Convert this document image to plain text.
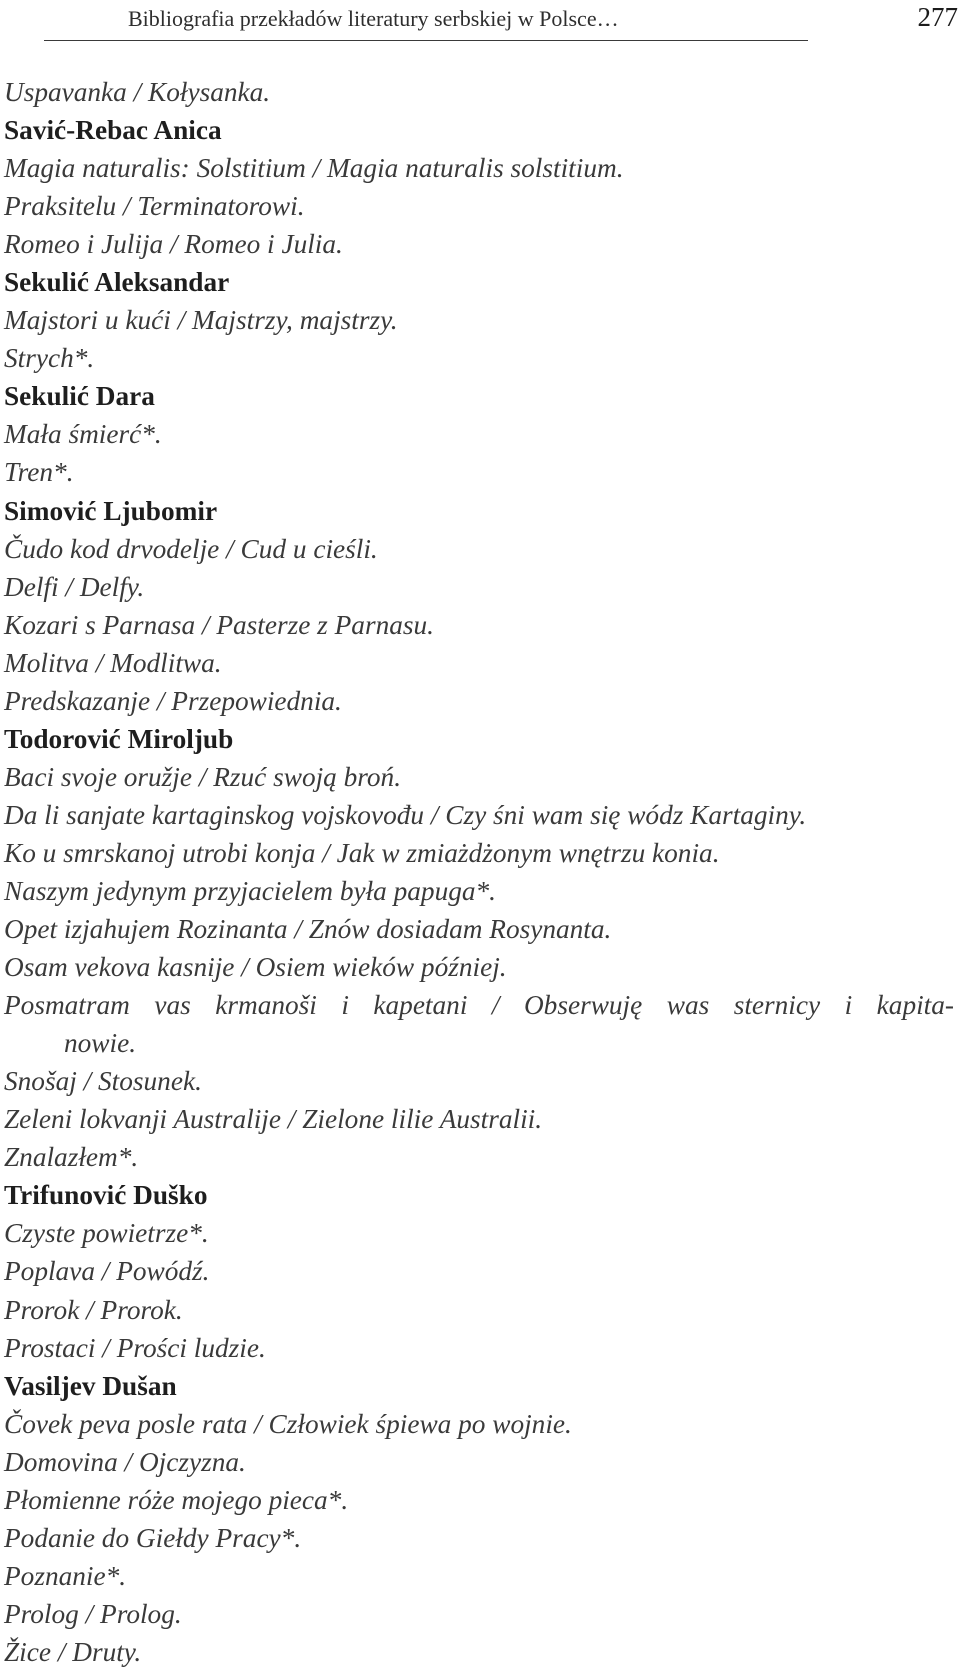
Bibliografia przekładów literatury serbskiej w Polsce…	277
Uspavanka / Kołysanka.
Savić-Rebac Anica
Magia naturalis: Solstitium / Magia naturalis solstitium.
Praksitelu / Terminatorowi.
Romeo i Julija / Romeo i Julia.
Sekulić Aleksandar
Majstori u kući / Majstrzy, majstrzy.
Strych*.
Sekulić Dara
Mała śmierć*.
Tren*.
Simović Ljubomir
Čudo kod drvodelje / Cud u cieśli.
Delfi / Delfy.
Kozari s Parnasa / Pasterze z Parnasu.
Molitva / Modlitwa.
Predskazanje / Przepowiednia.
Todorović Miroljub
Baci svoje oružje / Rzuć swoją broń.
Da li sanjate kartaginskog vojskovođu / Czy śni wam się wódz Kartaginy.
Ko u smrskanoj utrobi konja / Jak w zmiażdżonym wnętrzu konia.
Naszym jedynym przyjacielem była papuga*.
Opet izjahujem Rozinanta / Znów dosiadam Rosynanta.
Osam vekova kasnije / Osiem wieków później.
Posmatram vas krmanoši i kapetani / Obserwuję was sternicy i kapita-
nowie.
Snošaj / Stosunek.
Zeleni lokvanji Australije / Zielone lilie Australii.
Znalazłem*.
Trifunović Duško
Czyste powietrze*.
Poplava / Powódź.
Prorok / Prorok.
Prostaci / Prości ludzie.
Vasiljev Dušan
Čovek peva posle rata / Człowiek śpiewa po wojnie.
Domovina / Ojczyzna.
Płomienne róże mojego pieca*.
Podanie do Giełdy Pracy*.
Poznanie*.
Prolog / Prolog.
Žice / Druty.
